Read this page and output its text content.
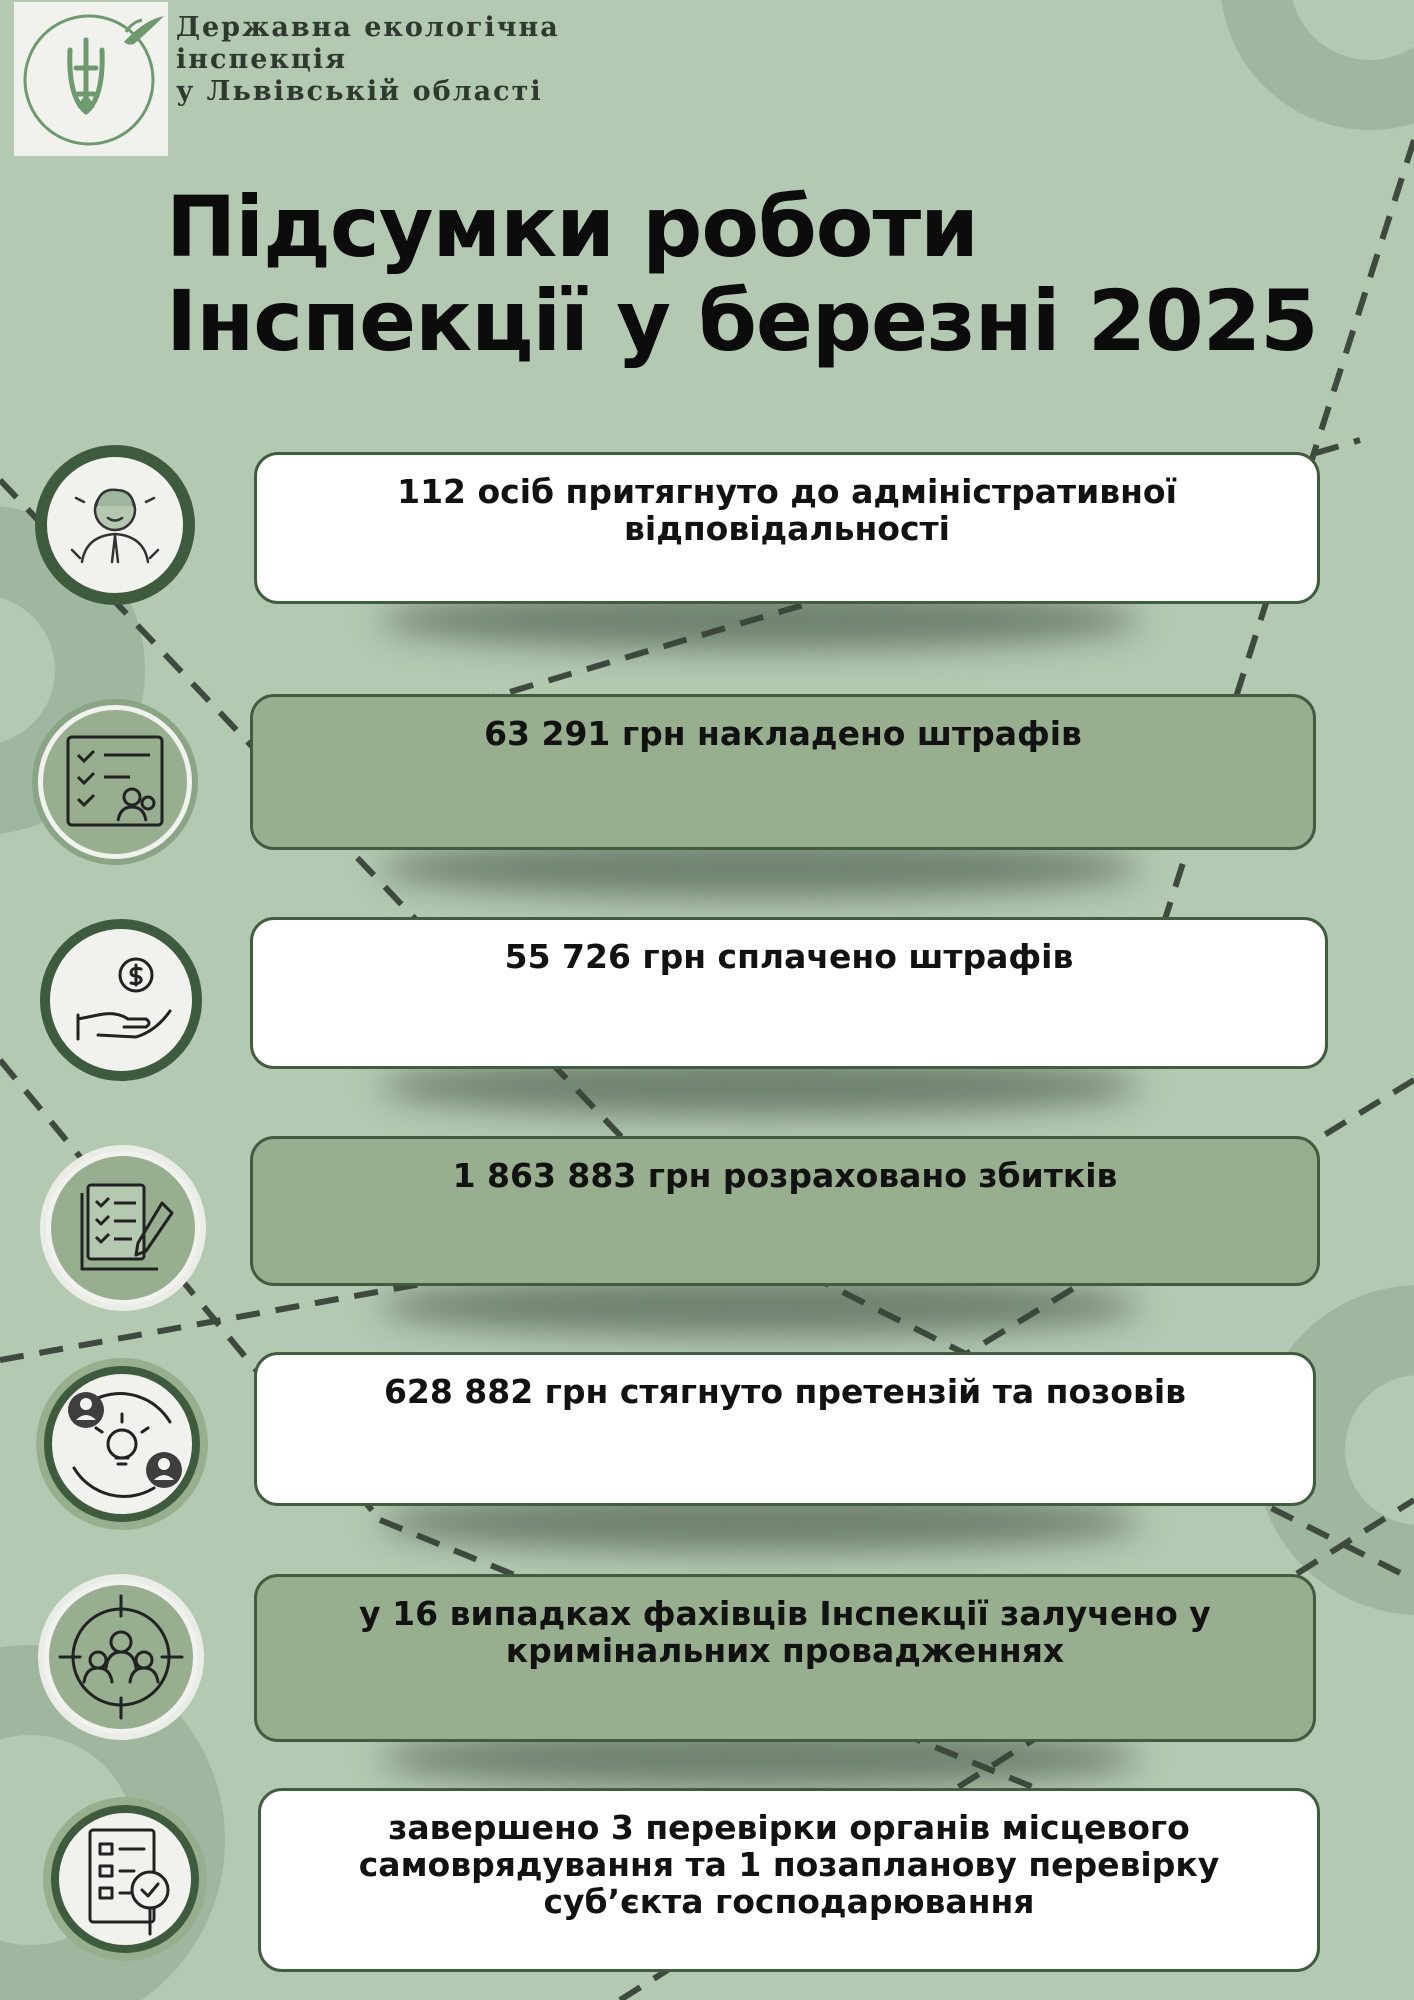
Державна екологічна
інспекція
у Львівській області
Підсумки роботи
Інспекції у березні 2025
112 осіб притягнуто до адміністративної відповідальності
63 291 грн накладено штрафів
55 726 грн сплачено штрафів
1 863 883 грн розраховано збитків
628 882 грн стягнуто претензій та позовів
у 16 випадках фахівців Інспекції залучено у кримінальних провадженнях
завершено 3 перевірки органів місцевого самоврядування та 1 позапланову перевірку суб’єкта господарювання
